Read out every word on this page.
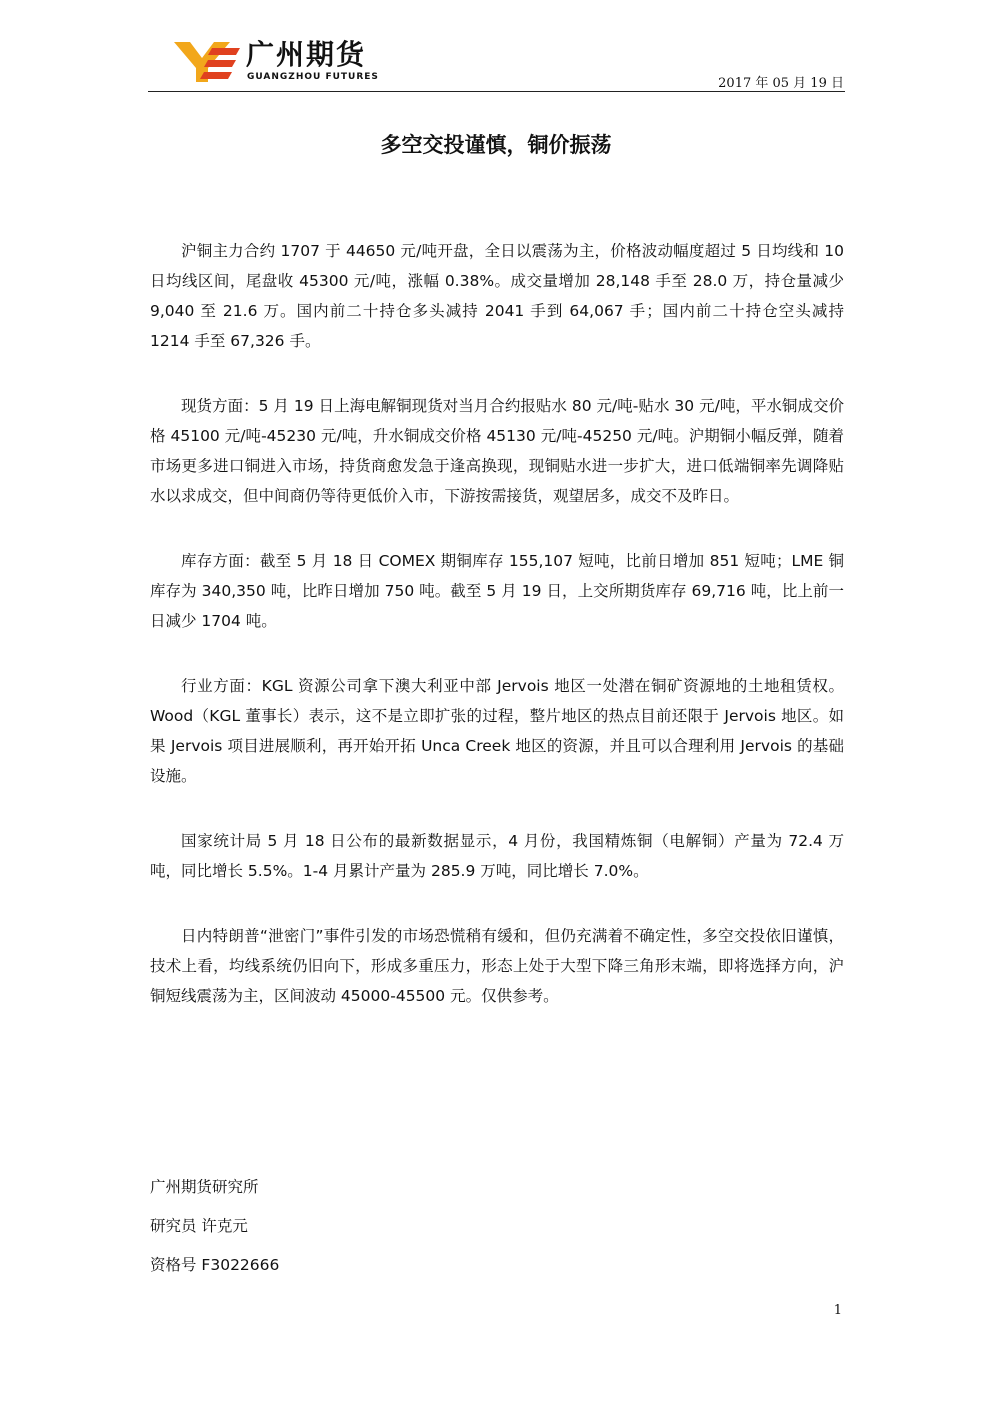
广州期货
GUANGZHOU FUTURES	2017 年 05 月 19 日
多空交投谨慎，铜价振荡

沪铜主力合约 1707 于 44650 元/吨开盘，全日以震荡为主，价格波动幅度超过 5 日均线和 10 日均线区间，尾盘收 45300 元/吨，涨幅 0.38%。成交量增加 28,148 手至 28.0 万，持仓量减少 9,040 至 21.6 万。国内前二十持仓多头减持 2041 手到 64,067 手；国内前二十持仓空头减持 1214 手至 67,326 手。

现货方面：5 月 19 日上海电解铜现货对当月合约报贴水 80 元/吨-贴水 30 元/吨，平水铜成交价格 45100 元/吨-45230 元/吨，升水铜成交价格 45130 元/吨-45250 元/吨。沪期铜小幅反弹，随着市场更多进口铜进入市场，持货商愈发急于逢高换现，现铜贴水进一步扩大，进口低端铜率先调降贴水以求成交，但中间商仍等待更低价入市，下游按需接货，观望居多，成交不及昨日。

库存方面：截至 5 月 18 日 COMEX 期铜库存 155,107 短吨，比前日增加 851 短吨；LME 铜库存为 340,350 吨，比昨日增加 750 吨。截至 5 月 19 日，上交所期货库存 69,716 吨，比上前一日减少 1704 吨。

行业方面：KGL 资源公司拿下澳大利亚中部 Jervois 地区一处潜在铜矿资源地的土地租赁权。Wood（KGL 董事长）表示，这不是立即扩张的过程，整片地区的热点目前还限于 Jervois 地区。如果 Jervois 项目进展顺利，再开始开拓 Unca Creek 地区的资源，并且可以合理利用 Jervois 的基础设施。

国家统计局 5 月 18 日公布的最新数据显示，4 月份，我国精炼铜（电解铜）产量为 72.4 万吨，同比增长 5.5%。1-4 月累计产量为 285.9 万吨，同比增长 7.0%。

日内特朗普“泄密门”事件引发的市场恐慌稍有缓和，但仍充满着不确定性，多空交投依旧谨慎，技术上看，均线系统仍旧向下，形成多重压力，形态上处于大型下降三角形末端，即将选择方向，沪铜短线震荡为主，区间波动 45000-45500 元。仅供参考。

广州期货研究所
研究员 许克元
资格号 F3022666
1
